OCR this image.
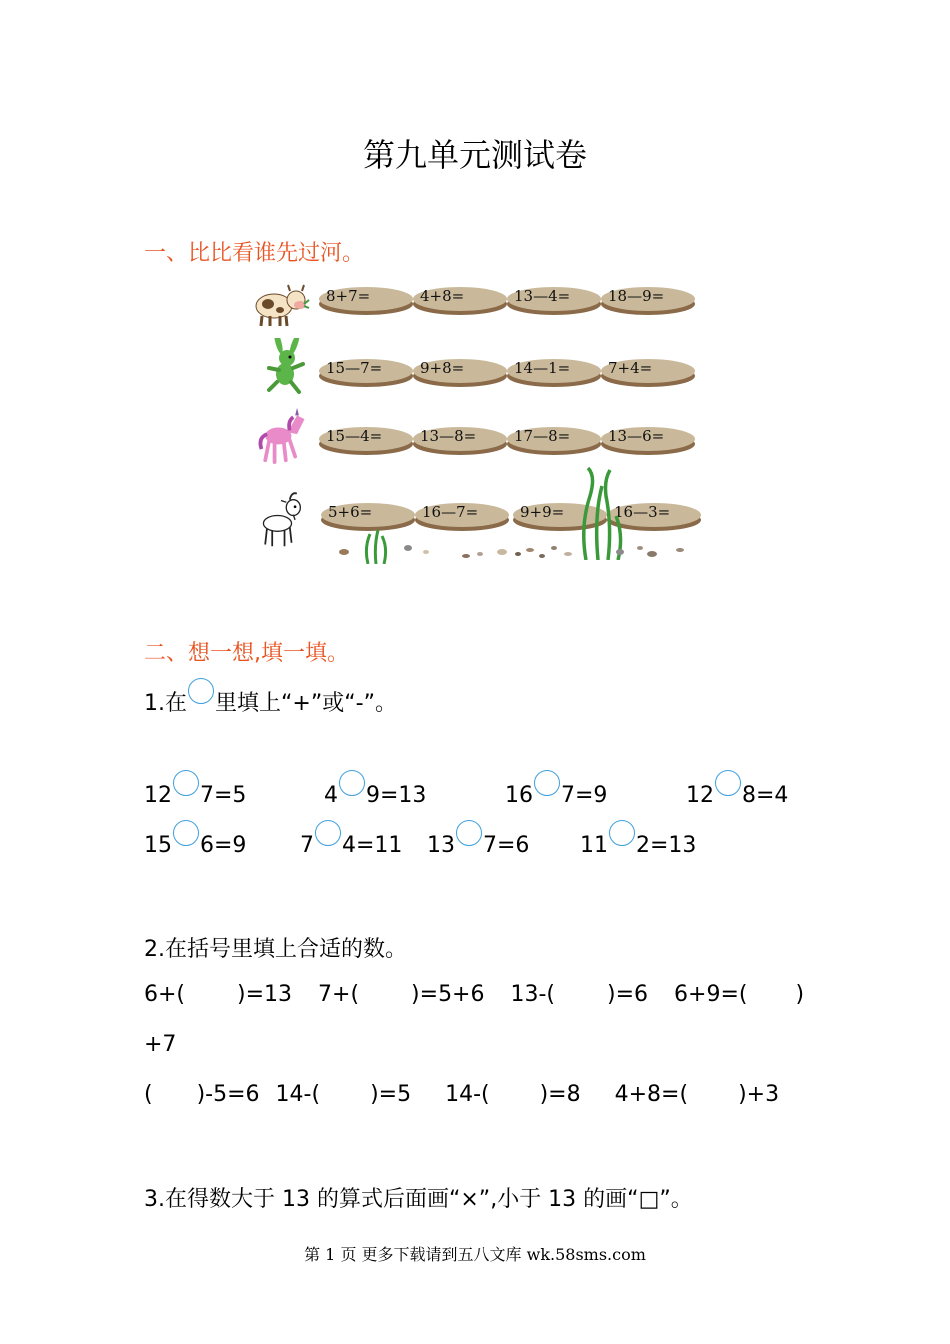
第九单元测试卷
一、比比看谁先过河。
8+7=	4+8=	13—4=	18—9=
15—7=	9+8=	14—1=	7+4=
15—4=	13—8=	17—8=	13—6=
5+6=	16—7=	9+9=	16—3=
二、想一想,填一填。
1.在 里填上“+”或“-”。
12 7=5	4 9=13	16 7=9	12 8=4
15 6=9 7 4=11 13 7=6 11 2=13
2.在括号里填上合适的数。
6+( )=13 7+( )=5+6 13-( )=6 6+9=( )
+7
( )-5=6 14-( )=5 14-( )=8 4+8=( )+3
3.在得数大于 13 的算式后面画“×”,小于 13 的画“□”。
第 1 页 更多下载请到五八文库 wk.58sms.com
